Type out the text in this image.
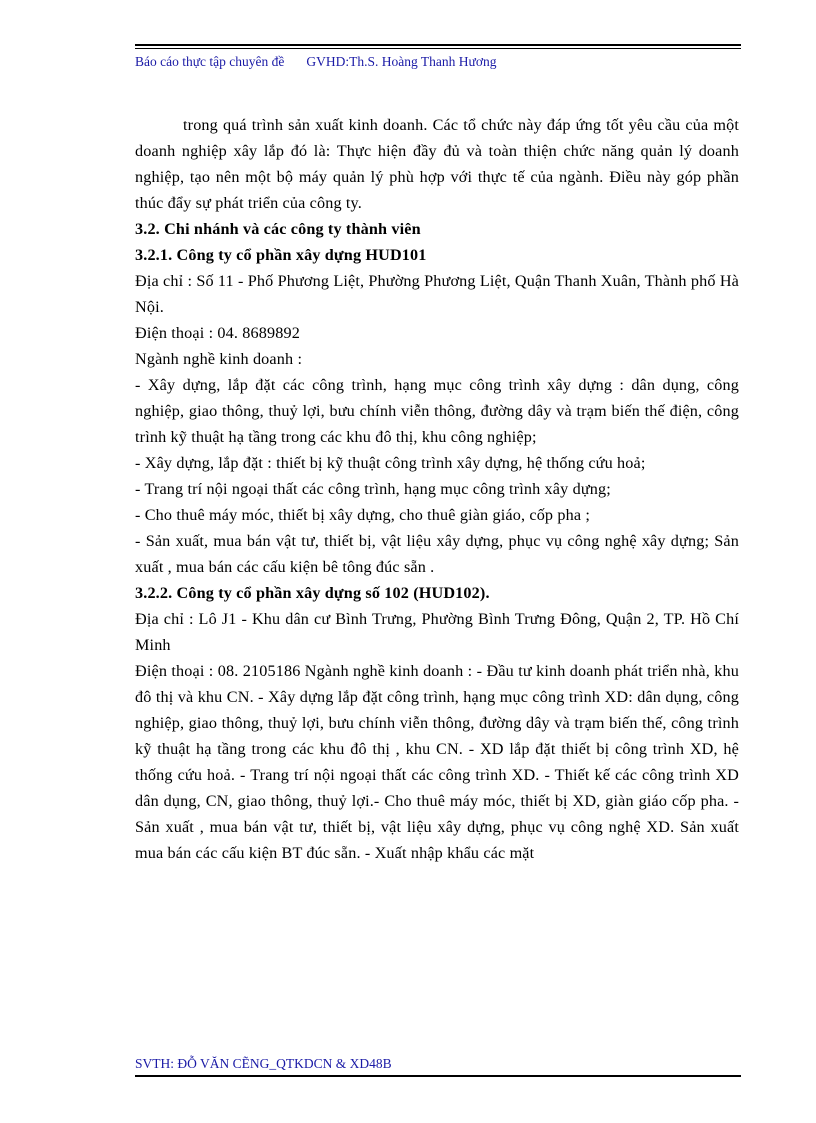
Báo cáo thực tập chuyên đề GVHD:Th.S. Hoàng Thanh Hương

trong quá trình sản xuất kinh doanh. Các tổ chức này đáp ứng tốt yêu cầu của một doanh nghiệp xây lắp đó là: Thực hiện đầy đủ và toàn thiện chức năng quản lý doanh nghiệp, tạo nên một bộ máy quản lý phù hợp với thực tế của ngành. Điều này góp phần thúc đẩy sự phát triển của công ty.

3.2. Chi nhánh và các công ty thành viên

3.2.1. Công ty cổ phần xây dựng HUD101

Địa chỉ : Số 11 - Phố Phương Liệt, Phường Phương Liệt, Quận Thanh Xuân, Thành phố Hà Nội.

Điện thoại : 04. 8689892

Ngành nghề kinh doanh :

- Xây dựng, lắp đặt các công trình, hạng mục công trình xây dựng : dân dụng, công nghiệp, giao thông, thuỷ lợi, bưu chính viễn thông, đường dây và trạm biến thế điện, công trình kỹ thuật hạ tầng trong các khu đô thị, khu công nghiệp;

- Xây dựng, lắp đặt : thiết bị kỹ thuật công trình xây dựng, hệ thống cứu hoả;

- Trang trí nội ngoại thất các công trình, hạng mục công trình xây dựng;

- Cho thuê máy móc, thiết bị xây dựng, cho thuê giàn giáo, cốp pha ;

- Sản xuất, mua bán vật tư, thiết bị, vật liệu xây dựng, phục vụ công nghệ xây dựng; Sản xuất , mua bán các cấu kiện bê tông đúc sẵn .

3.2.2. Công ty cổ phần xây dựng số 102 (HUD102).

Địa chỉ : Lô J1 - Khu dân cư Bình Trưng, Phường Bình Trưng Đông, Quận 2, TP. Hồ Chí Minh

Điện thoại : 08. 2105186 Ngành nghề kinh doanh : - Đầu tư kinh doanh phát triển nhà, khu đô thị và khu CN. - Xây dựng lắp đặt công trình, hạng mục công trình XD: dân dụng, công nghiệp, giao thông, thuỷ lợi, bưu chính viễn thông, đường dây và trạm biến thế, công trình kỹ thuật hạ tầng trong các khu đô thị , khu CN. - XD lắp đặt thiết bị công trình XD, hệ thống cứu hoả. - Trang trí nội ngoại thất các công trình XD. - Thiết kế các công trình XD dân dụng, CN, giao thông, thuỷ lợi.- Cho thuê máy móc, thiết bị XD, giàn giáo cốp pha. - Sản xuất , mua bán vật tư, thiết bị, vật liệu xây dựng, phục vụ công nghệ XD. Sản xuất mua bán các cấu kiện BT đúc sẵn. - Xuất nhập khẩu các mặt

SVTH: ĐỖ VĂN CẼNG_QTKDCN & XD48B
